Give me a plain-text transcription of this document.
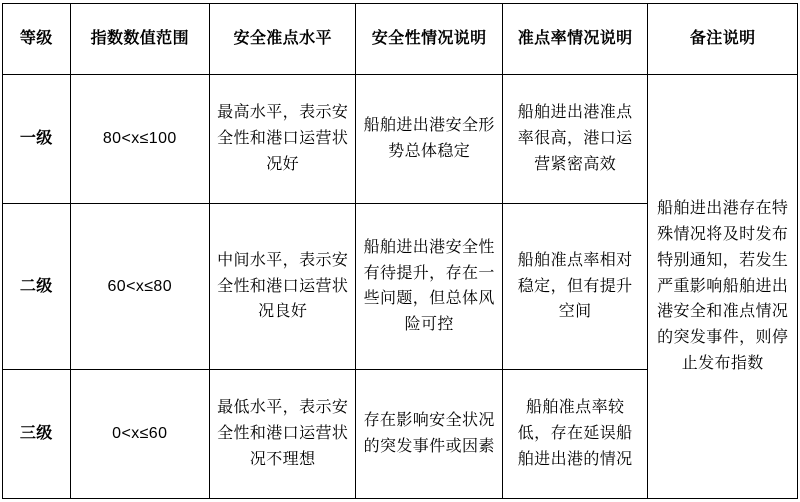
等级	指数数值范围	安全准点水平	安全性情况说明	准点率情况说明	备注说明
一级	80<x≤100	最高水平，表示安全性和港口运营状况好	船舶进出港安全形势总体稳定	船舶进出港准点率很高，港口运营紧密高效	船舶进出港存在特殊情况将及时发布特别通知，若发生严重影响船舶进出港安全和准点情况的突发事件，则停止发布指数
二级	60<x≤80	中间水平，表示安全性和港口运营状况良好	船舶进出港安全性有待提升，存在一些问题，但总体风险可控	船舶准点率相对稳定，但有提升空间	
三级	0<x≤60	最低水平，表示安全性和港口运营状况不理想	存在影响安全状况的突发事件或因素	船舶准点率较低，存在延误船舶进出港的情况	
